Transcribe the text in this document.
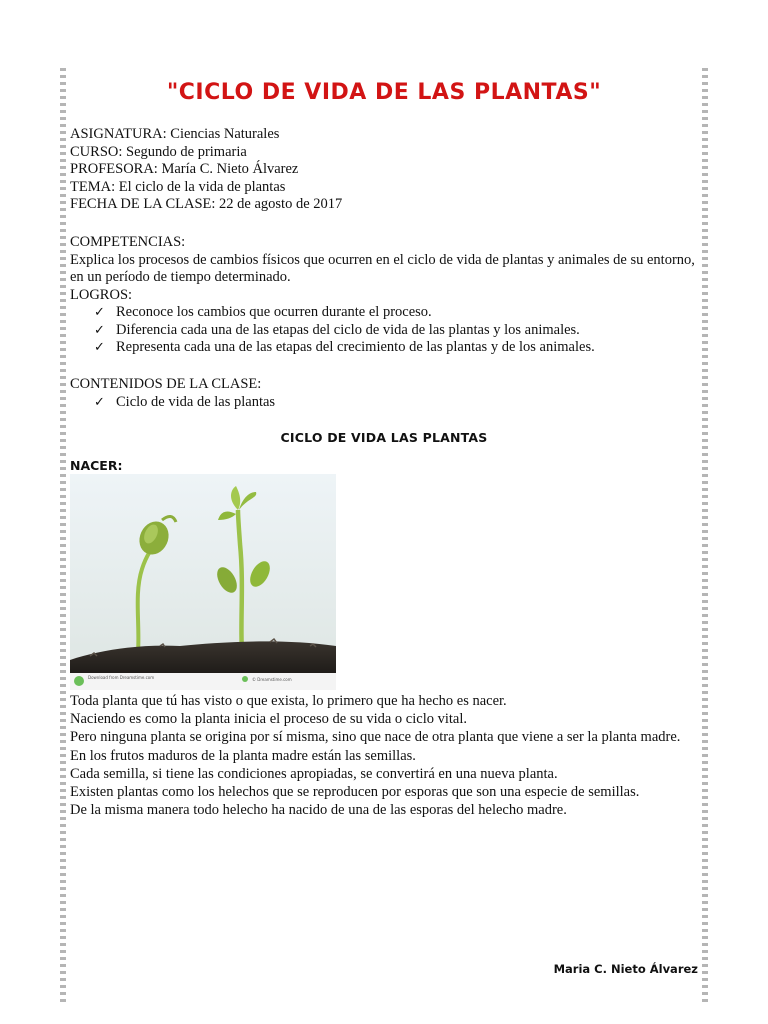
"CICLO DE VIDA DE LAS PLANTAS"
ASIGNATURA: Ciencias Naturales
CURSO: Segundo de primaria
PROFESORA: María C. Nieto Álvarez
TEMA: El ciclo de la vida de plantas
FECHA DE LA CLASE: 22 de agosto de 2017
COMPETENCIAS:
Explica los procesos de cambios físicos que ocurren en el ciclo de vida de plantas y animales de su entorno, en un período de tiempo determinado.
LOGROS:
✓ Reconoce los cambios que ocurren durante el proceso.
✓ Diferencia cada una de las etapas del ciclo de vida de las plantas y los animales.
✓ Representa cada una de las etapas del crecimiento de las plantas y de los animales.
CONTENIDOS DE LA CLASE:
✓ Ciclo de vida de las plantas
CICLO DE VIDA LAS PLANTAS
NACER:
Download from Dreamstime.com	© Dreamstime.com
Toda planta que tú has visto o que exista, lo primero que ha hecho es nacer.
Naciendo es como la planta inicia el proceso de su vida o ciclo vital.
Pero ninguna planta se origina por sí misma, sino que nace de otra planta que viene a ser la planta madre.
En los frutos maduros de la planta madre están las semillas.
Cada semilla, si tiene las condiciones apropiadas, se convertirá en una nueva planta.
Existen plantas como los helechos que se reproducen por esporas que son una especie de semillas.
De la misma manera todo helecho ha nacido de una de las esporas del helecho madre.
Maria C. Nieto Álvarez
